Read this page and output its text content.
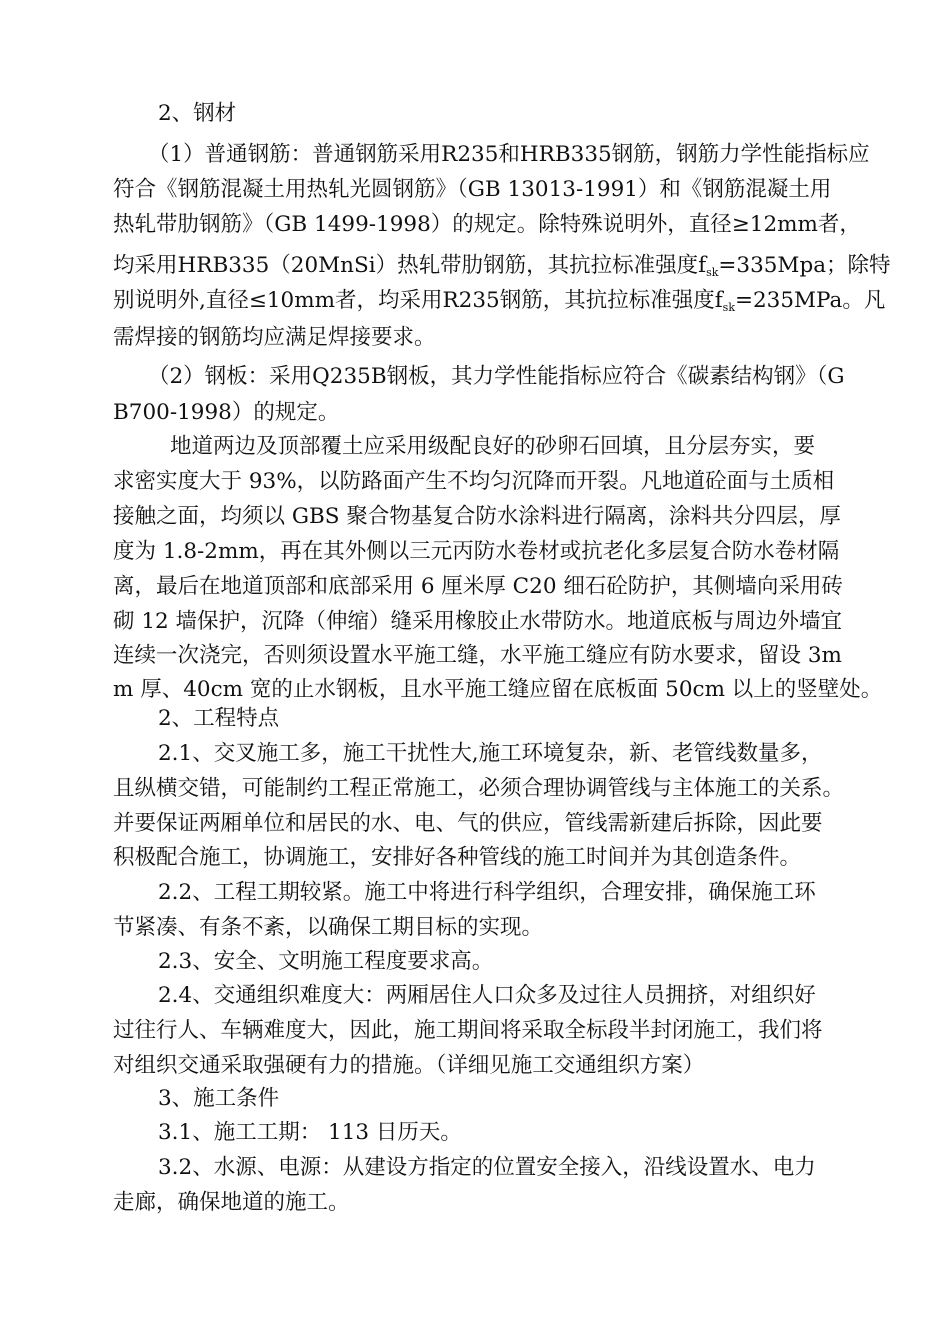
2、钢材
（1）普通钢筋：普通钢筋采用R235和HRB335钢筋，钢筋力学性能指标应
符合《钢筋混凝土用热轧光圆钢筋》（GB 13013-1991）和《钢筋混凝土用
热轧带肋钢筋》（GB 1499-1998）的规定。除特殊说明外，直径≥12mm者，
均采用HRB335（20MnSi）热轧带肋钢筋，其抗拉标准强度fsk=335Mpa；除特
别说明外,直径≤10mm者，均采用R235钢筋，其抗拉标准强度fsk=235MPa。凡
需焊接的钢筋均应满足焊接要求。
（2）钢板：采用Q235B钢板，其力学性能指标应符合《碳素结构钢》（G
B700-1998）的规定。
地道两边及顶部覆土应采用级配良好的砂卵石回填，且分层夯实，要
求密实度大于 93%，以防路面产生不均匀沉降而开裂。凡地道砼面与土质相
接触之面，均须以 GBS 聚合物基复合防水涂料进行隔离，涂料共分四层，厚
度为 1.8-2mm，再在其外侧以三元丙防水卷材或抗老化多层复合防水卷材隔
离，最后在地道顶部和底部采用 6 厘米厚 C20 细石砼防护，其侧墙向采用砖
砌 12 墙保护，沉降（伸缩）缝采用橡胶止水带防水。地道底板与周边外墙宜
连续一次浇完，否则须设置水平施工缝，水平施工缝应有防水要求，留设 3m
m 厚、40cm 宽的止水钢板，且水平施工缝应留在底板面 50cm 以上的竖壁处。
2、工程特点
2.1、交叉施工多，施工干扰性大,施工环境复杂，新、老管线数量多，
且纵横交错，可能制约工程正常施工，必须合理协调管线与主体施工的关系。
并要保证两厢单位和居民的水、电、气的供应，管线需新建后拆除，因此要
积极配合施工，协调施工，安排好各种管线的施工时间并为其创造条件。
2.2、工程工期较紧。施工中将进行科学组织，合理安排，确保施工环
节紧凑、有条不紊，以确保工期目标的实现。
2.3、安全、文明施工程度要求高。
2.4、交通组织难度大：两厢居住人口众多及过往人员拥挤，对组织好
过往行人、车辆难度大，因此，施工期间将采取全标段半封闭施工，我们将
对组织交通采取强硬有力的措施。（详细见施工交通组织方案）
3、施工条件
3.1、施工工期： 113 日历天。
3.2、水源、电源：从建设方指定的位置安全接入，沿线设置水、电力
走廊，确保地道的施工。
